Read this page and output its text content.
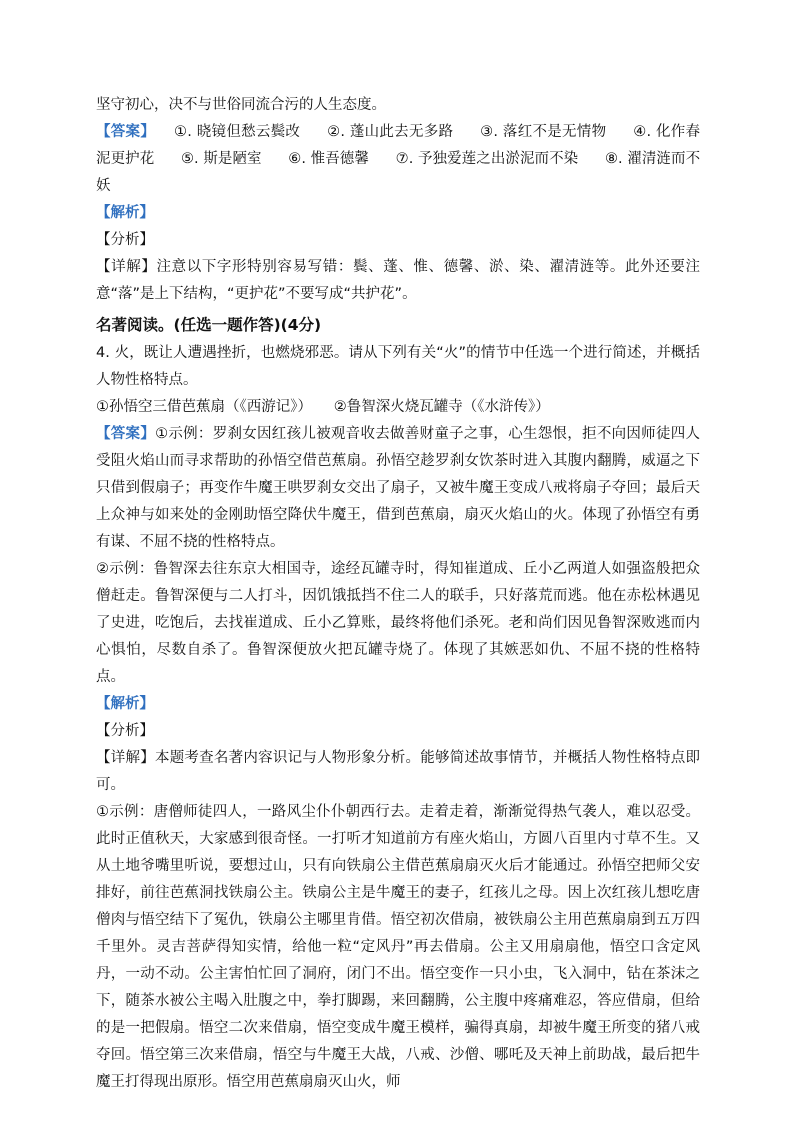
坚守初心，决不与世俗同流合污的人生态度。

【答案】 ①. 晓镜但愁云鬓改 ②. 蓬山此去无多路 ③. 落红不是无情物 ④. 化作春泥更护花 ⑤. 斯是陋室 ⑥. 惟吾德馨 ⑦. 予独爱莲之出淤泥而不染 ⑧. 濯清涟而不妖

【解析】

【分析】

【详解】注意以下字形特别容易写错：鬓、蓬、惟、德馨、淤、染、濯清涟等。此外还要注意“落”是上下结构，“更护花”不要写成“共护花”。

名著阅读。(任选一题作答)(4分)

4. 火，既让人遭遇挫折，也燃烧邪恶。请从下列有关“火”的情节中任选一个进行简述，并概括人物性格特点。

①孙悟空三借芭蕉扇（《西游记》）　　②鲁智深火烧瓦罐寺（《水浒传》）

【答案】①示例：罗刹女因红孩儿被观音收去做善财童子之事，心生怨恨，拒不向因师徒四人受阻火焰山而寻求帮助的孙悟空借芭蕉扇。孙悟空趁罗刹女饮茶时进入其腹内翻腾，威逼之下只借到假扇子；再变作牛魔王哄罗刹女交出了扇子，又被牛魔王变成八戒将扇子夺回；最后天上众神与如来处的金刚助悟空降伏牛魔王，借到芭蕉扇，扇灭火焰山的火。体现了孙悟空有勇有谋、不屈不挠的性格特点。

②示例：鲁智深去往东京大相国寺，途经瓦罐寺时，得知崔道成、丘小乙两道人如强盗般把众僧赶走。鲁智深便与二人打斗，因饥饿抵挡不住二人的联手，只好落荒而逃。他在赤松林遇见了史进，吃饱后，去找崔道成、丘小乙算账，最终将他们杀死。老和尚们因见鲁智深败逃而内心惧怕，尽数自杀了。鲁智深便放火把瓦罐寺烧了。体现了其嫉恶如仇、不屈不挠的性格特点。

【解析】

【分析】

【详解】本题考查名著内容识记与人物形象分析。能够简述故事情节，并概括人物性格特点即可。

①示例：唐僧师徒四人，一路风尘仆仆朝西行去。走着走着，渐渐觉得热气袭人，难以忍受。此时正值秋天，大家感到很奇怪。一打听才知道前方有座火焰山，方圆八百里内寸草不生。又从土地爷嘴里听说，要想过山，只有向铁扇公主借芭蕉扇扇灭火后才能通过。孙悟空把师父安排好，前往芭蕉洞找铁扇公主。铁扇公主是牛魔王的妻子，红孩儿之母。因上次红孩儿想吃唐僧肉与悟空结下了冤仇，铁扇公主哪里肯借。悟空初次借扇，被铁扇公主用芭蕉扇扇到五万四千里外。灵吉菩萨得知实情，给他一粒“定风丹”再去借扇。公主又用扇扇他，悟空口含定风丹，一动不动。公主害怕忙回了洞府，闭门不出。悟空变作一只小虫，飞入洞中，钻在茶沫之下，随茶水被公主喝入肚腹之中，拳打脚踢，来回翻腾，公主腹中疼痛难忍，答应借扇，但给的是一把假扇。悟空二次来借扇，悟空变成牛魔王模样，骗得真扇，却被牛魔王所变的猪八戒夺回。悟空第三次来借扇，悟空与牛魔王大战，八戒、沙僧、哪吒及天神上前助战，最后把牛魔王打得现出原形。悟空用芭蕉扇扇灭山火，师
